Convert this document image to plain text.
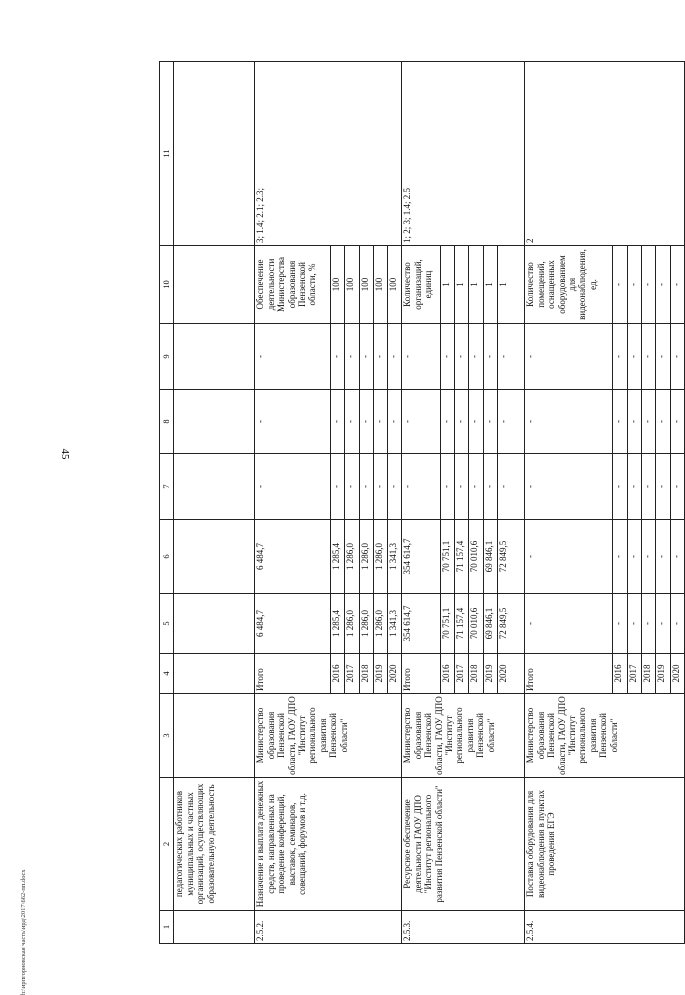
45
1	2	3	4	5	6	7	8	9	10	11
	педагогических работников муниципальных и частных организаций, осуществляющих образовательную деятельность									
2.5.2.	Назначение и выплата денежных средств, направленных на проведение конференций, выставок, семинаров, совещаний, форумов и т.д.	Министерство образования Пензенской области, ГАОУ ДПО "Институт регионального развития Пензенской области"	Итого	6 484,7	6 484,7	-	-	-	Обеспечение деятельности Министерства образования Пензенской области, %	3; 1.4; 2.1; 2.3;
			2016	1 285,4	1 285,4	-	-	-	100	
			2017	1 286,0	1 286,0	-	-	-	100	
			2018	1 286,0	1 286,0	-	-	-	100	
			2019	1 286,0	1 286,0	-	-	-	100	
			2020	1 341,3	1 341,3	-	-	-	100	
2.5.3.	Ресурсное обеспечение деятельности ГАОУ ДПО "Институт регионального развития Пензенской области"	Министерство образования Пензенской области, ГАОУ ДПО "Институт регионального развития Пензенской области"	Итого	354 614,7	354 614,7	-	-	-	Количество организаций, единиц	1; 2; 3; 1.4; 2.5
			2016	70 751,1	70 751,1	-	-	-	1	
			2017	71 157,4	71 157,4	-	-	-	1	
			2018	70 010,6	70 010,6	-	-	-	1	
			2019	69 846,1	69 846,1	-	-	-	1	
			2020	72 849,5	72 849,5	-	-	-	1	
2.5.4.	Поставка оборудования для видеонаблюдения в пунктах проведения ЕГЭ	Министерство образования Пензенской области, ГАОУ ДПО "Институт регионального развития Пензенской области"	Итого	-	-	-	-	-	Количество помещений, оснащенных оборудованием для видеонаблюдения, ед.	2
			2016	-	-	-	-	-	-	
			2017	-	-	-	-	-	-	
			2018	-	-	-	-	-	-	
			2019	-	-	-	-	-	-	
			2020	-	-	-	-	-	-	
h:\ирпгорновская часть\ирд\2017\662-пп.docx
